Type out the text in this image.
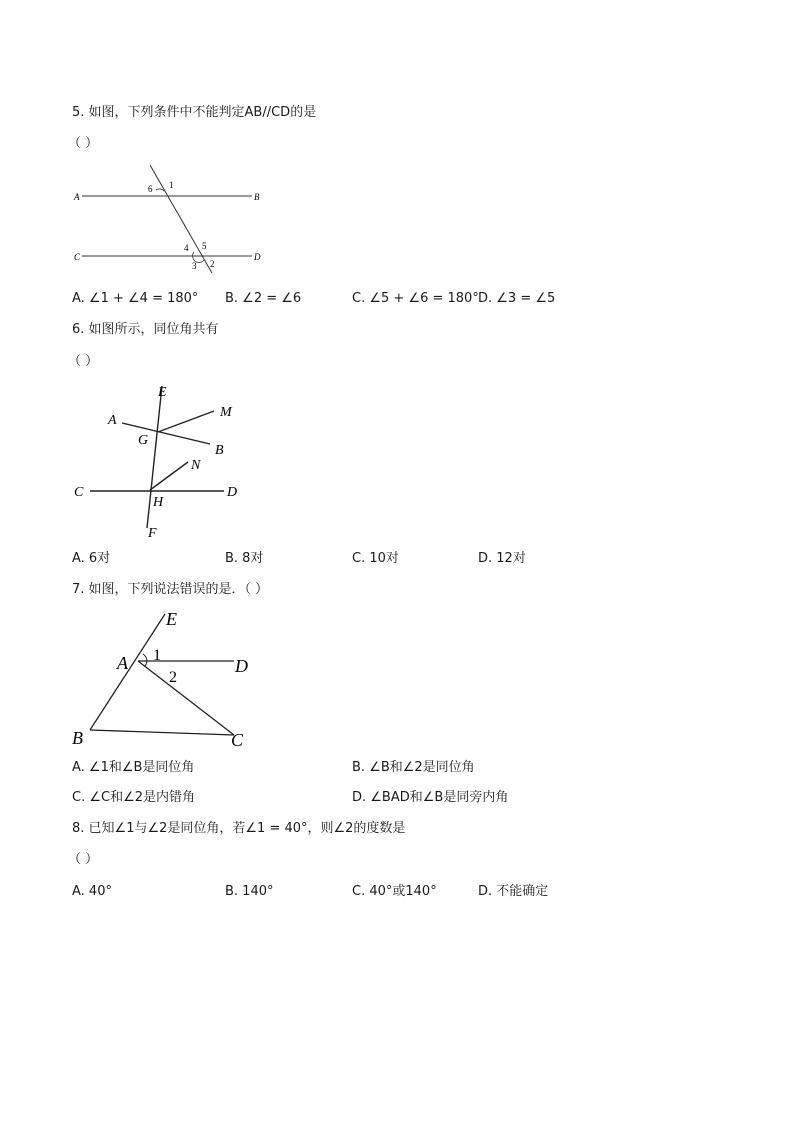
5. 如图，下列条件中不能判定AB//CD的是
（ ）
A	B
C	D
1
6
4 5
3 2
A. ∠1 + ∠4 = 180° B. ∠2 = ∠6	C. ∠5 + ∠6 = 180° D. ∠3 = ∠5
6. 如图所示，同位角共有
（ ）
E
A
M
G
B
N
C	D
H
F
A. 6对	B. 8对	C. 10对	D. 12对
7. 如图，下列说法错误的是．（ ）
E
A	D
1
2
B	C
A. ∠1和∠B是同位角	B. ∠B和∠2是同位角
C. ∠C和∠2是内错角	D. ∠BAD和∠B是同旁内角
8. 已知∠1与∠2是同位角，若∠1 = 40°，则∠2的度数是
（ ）
A. 40°	B. 140°	C. 40°或140°	D. 不能确定
